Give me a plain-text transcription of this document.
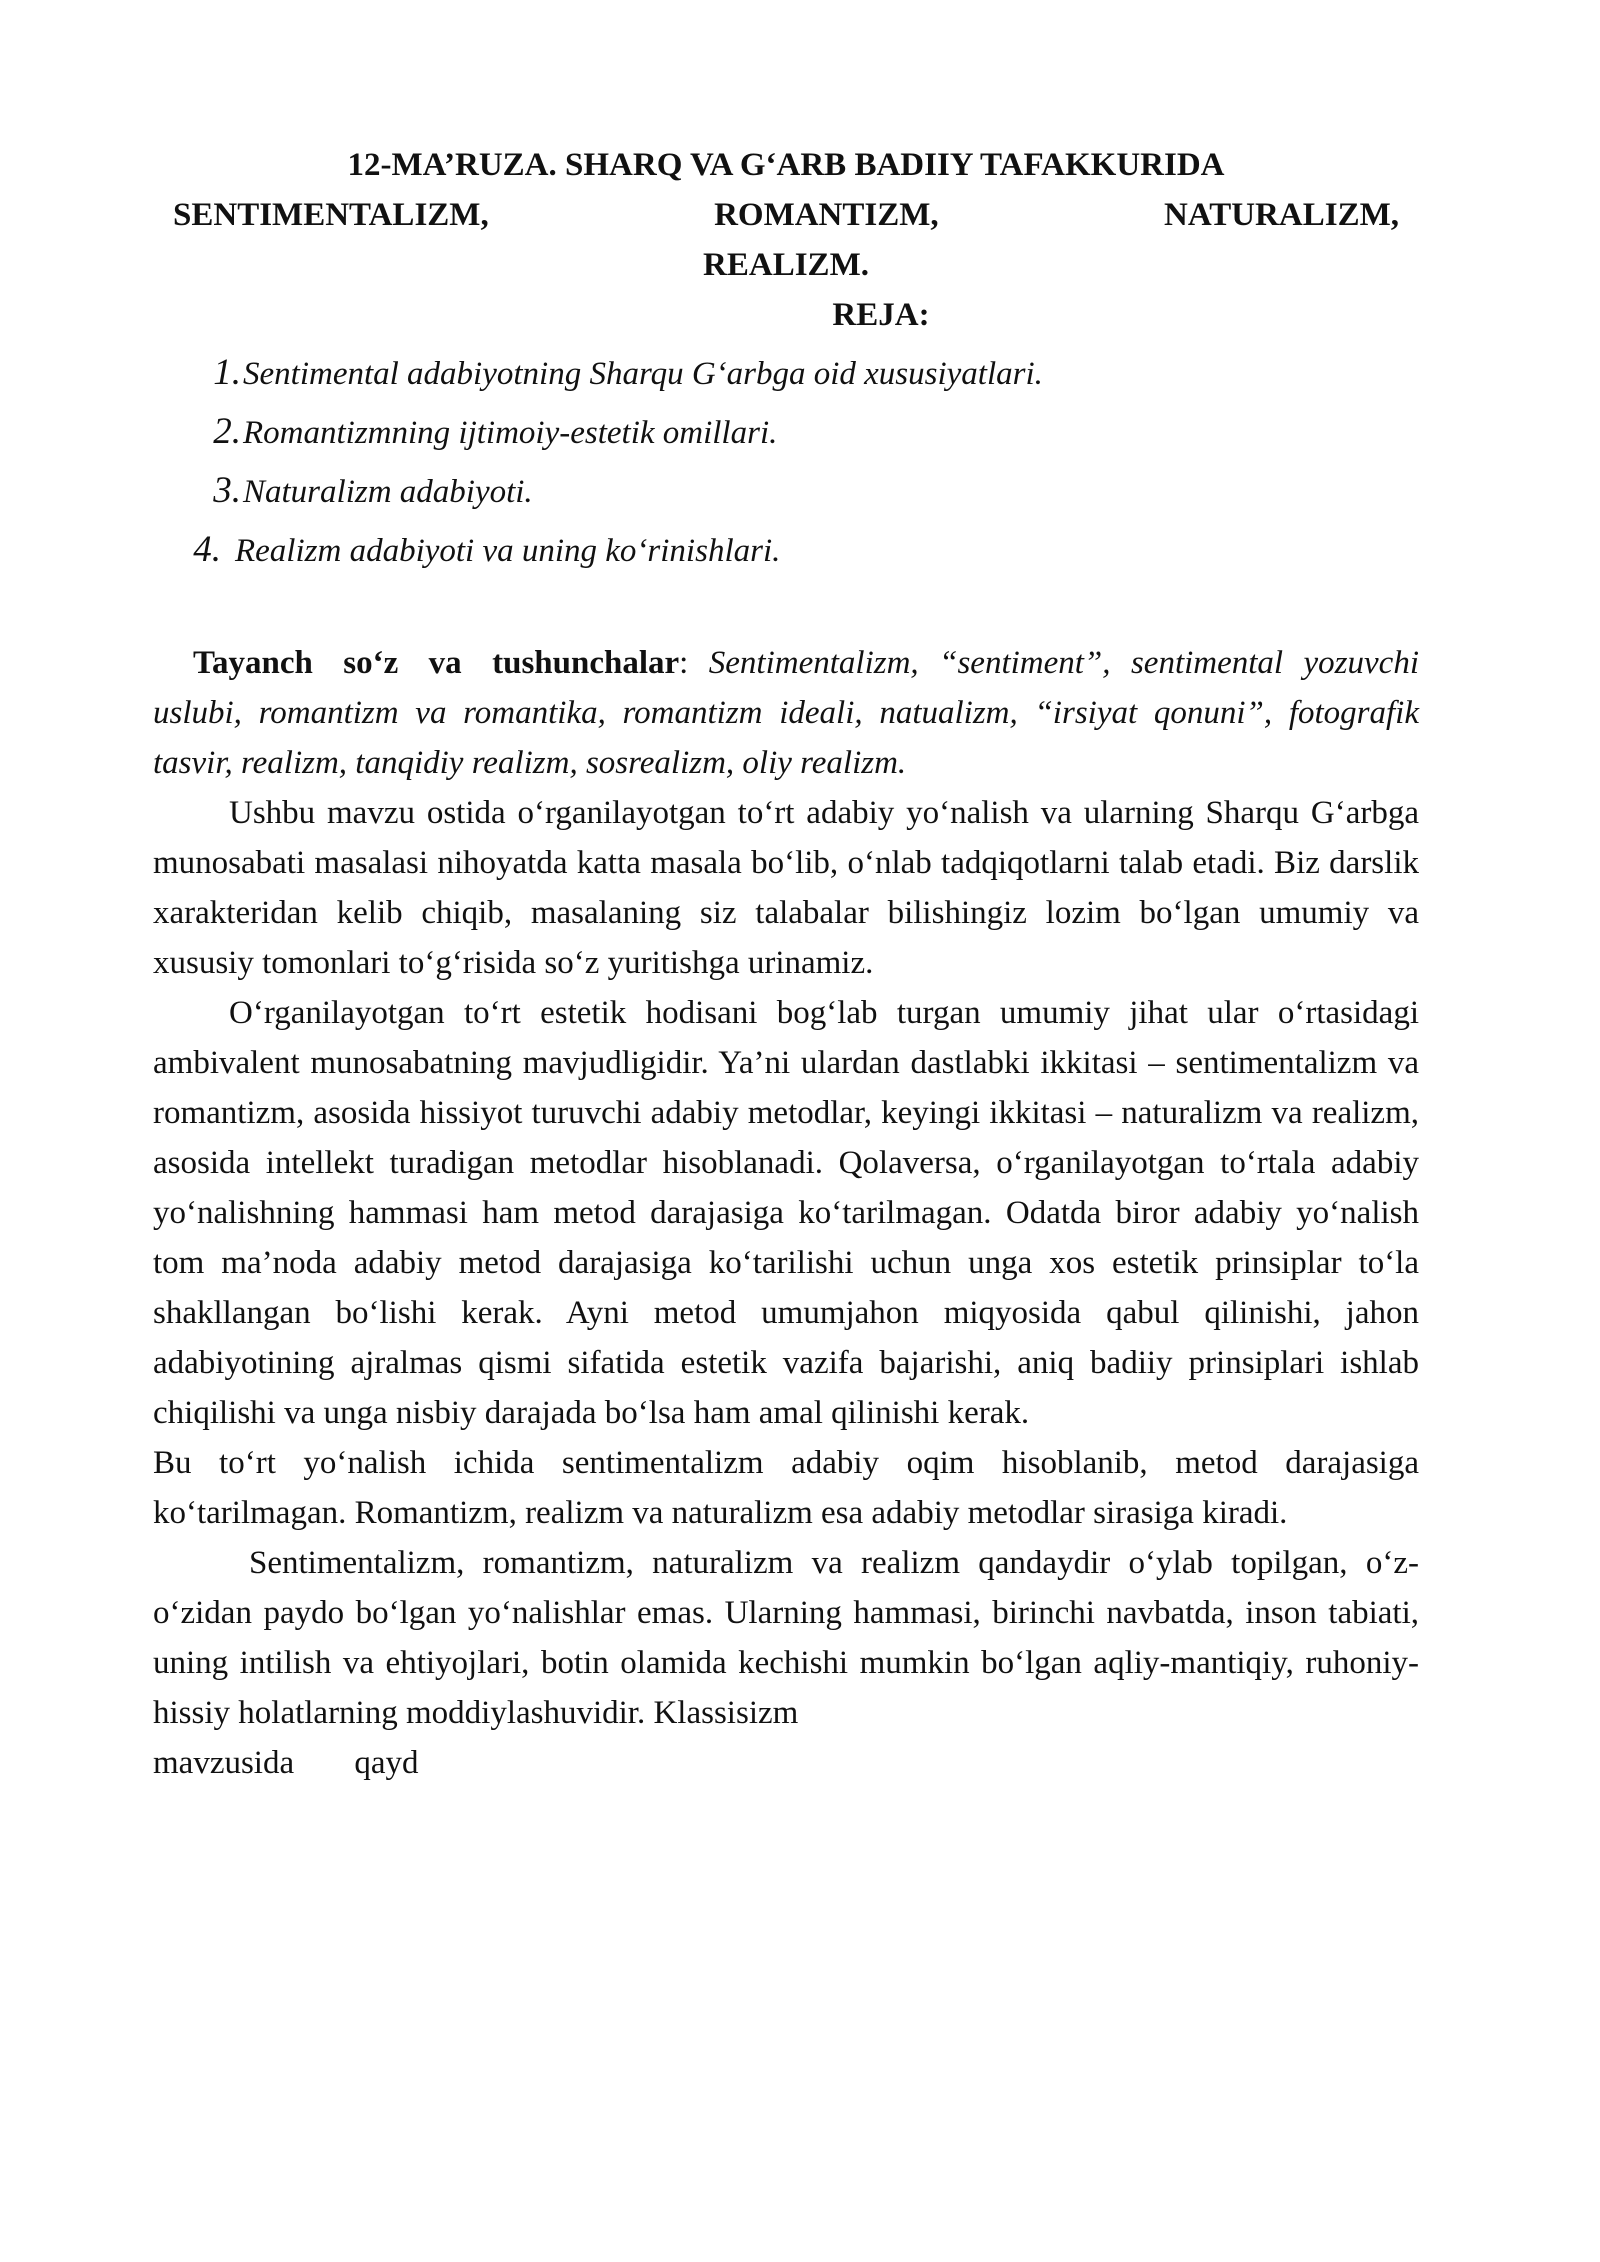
12-MA’RUZA. SHARQ VA G‘ARB BADIIY TAFAKKURIDA
SENTIMENTALIZM,	ROMANTIZM,	NATURALIZM,
REALIZM.
REJA:
1.Sentimental adabiyotning Sharqu G‘arbga oid xususiyatlari.
2.Romantizmning ijtimoiy-estetik omillari.
3.Naturalizm adabiyoti.
4. Realizm adabiyoti va uning ko‘rinishlari.
Tayanch so‘z va tushunchalar: Sentimentalizm, “sentiment”, sentimental yozuvchi uslubi, romantizm va romantika, romantizm ideali, natualizm, “irsiyat qonuni”, fotografik tasvir, realizm, tanqidiy realizm, sosrealizm, oliy realizm.

Ushbu mavzu ostida o‘rganilayotgan to‘rt adabiy yo‘nalish va ularning Sharqu G‘arbga munosabati masalasi nihoyatda katta masala bo‘lib, o‘nlab tadqiqotlarni talab etadi. Biz darslik xarakteridan kelib chiqib, masalaning siz talabalar bilishingiz lozim bo‘lgan umumiy va xususiy tomonlari to‘g‘risida so‘z yuritishga urinamiz.

O‘rganilayotgan to‘rt estetik hodisani bog‘lab turgan umumiy jihat ular o‘rtasidagi ambivalent munosabatning mavjudligidir. Ya’ni ulardan dastlabki ikkitasi – sentimentalizm va romantizm, asosida hissiyot turuvchi adabiy metodlar, keyingi ikkitasi – naturalizm va realizm, asosida intellekt turadigan metodlar hisoblanadi. Qolaversa, o‘rganilayotgan to‘rtala adabiy yo‘nalishning hammasi ham metod darajasiga ko‘tarilmagan. Odatda biror adabiy yo‘nalish tom ma’noda adabiy metod darajasiga ko‘tarilishi uchun unga xos estetik prinsiplar to‘la shakllangan bo‘lishi kerak. Ayni metod umumjahon miqyosida qabul qilinishi, jahon adabiyotining ajralmas qismi sifatida estetik vazifa bajarishi, aniq badiiy prinsiplari ishlab chiqilishi va unga nisbiy darajada bo‘lsa ham amal qilinishi kerak.

Bu to‘rt yo‘nalish ichida sentimentalizm adabiy oqim hisoblanib, metod darajasiga ko‘tarilmagan. Romantizm, realizm va naturalizm esa adabiy metodlar sirasiga kiradi.

Sentimentalizm, romantizm, naturalizm va realizm qandaydir o‘ylab topilgan, o‘z-o‘zidan paydo bo‘lgan yo‘nalishlar emas. Ularning hammasi, birinchi navbatda, inson tabiati, uning intilish va ehtiyojlari, botin olamida kechishi mumkin bo‘lgan aqliy-mantiqiy, ruhoniy-hissiy holatlarning moddiylashuvidir. Klassisizm

mavzusida qayd
